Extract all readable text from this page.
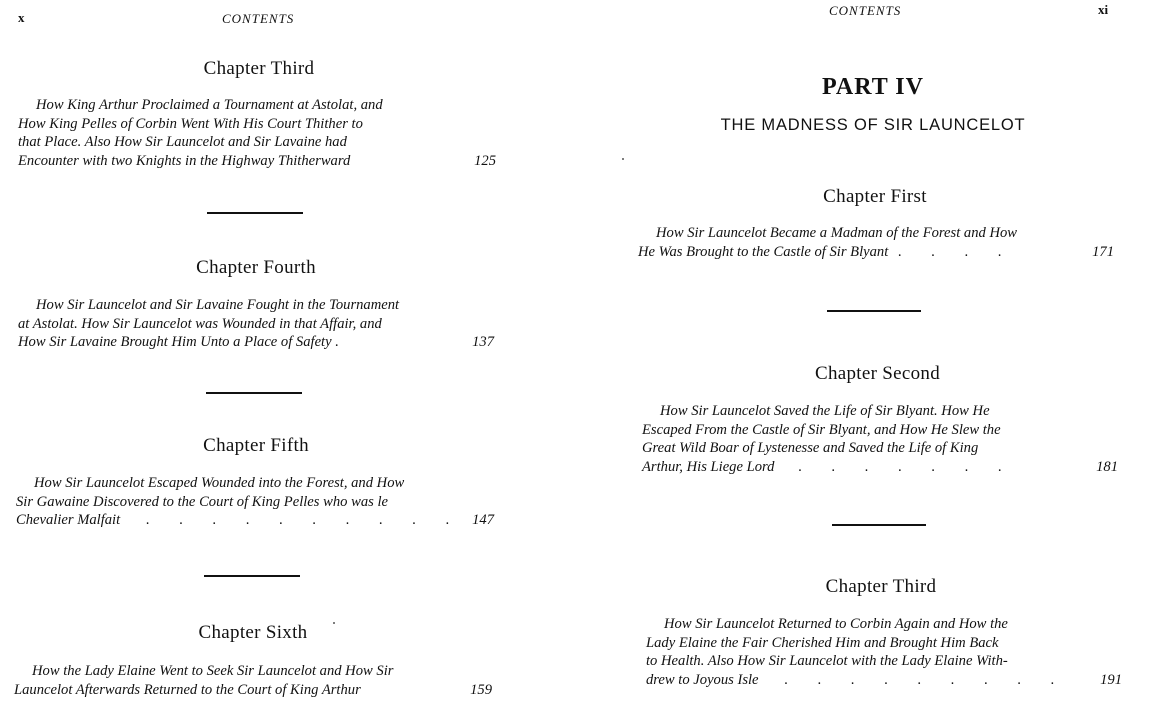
x	CONTENTS
Chapter Third
How King Arthur Proclaimed a Tournament at Astolat, and
How King Pelles of Corbin Went With His Court Thither to
that Place. Also How Sir Launcelot and Sir Lavaine had
Encounter with two Knights in the Highway Thitherward	125
Chapter Fourth
How Sir Launcelot and Sir Lavaine Fought in the Tournament
at Astolat. How Sir Launcelot was Wounded in that Affair, and
How Sir Lavaine Brought Him Unto a Place of Safety .	137
Chapter Fifth
How Sir Launcelot Escaped Wounded into the Forest, and How
Sir Gawaine Discovered to the Court of King Pelles who was le
Chevalier Malfait . . . . . . . . . . 147
Chapter Sixth
How the Lady Elaine Went to Seek Sir Launcelot and How Sir
Launcelot Afterwards Returned to the Court of King Arthur	159
CONTENTS	xi
PART IV
THE MADNESS OF SIR LAUNCELOT
Chapter First
How Sir Launcelot Became a Madman of the Forest and How
He Was Brought to the Castle of Sir Blyant . . . .	171
Chapter Second
How Sir Launcelot Saved the Life of Sir Blyant. How He
Escaped From the Castle of Sir Blyant, and How He Slew the
Great Wild Boar of Lystenesse and Saved the Life of King
Arthur, His Liege Lord . . . . . . .	181
Chapter Third
How Sir Launcelot Returned to Corbin Again and How the
Lady Elaine the Fair Cherished Him and Brought Him Back
to Health. Also How Sir Launcelot with the Lady Elaine With-
drew to Joyous Isle . . . . . . . . . 191
